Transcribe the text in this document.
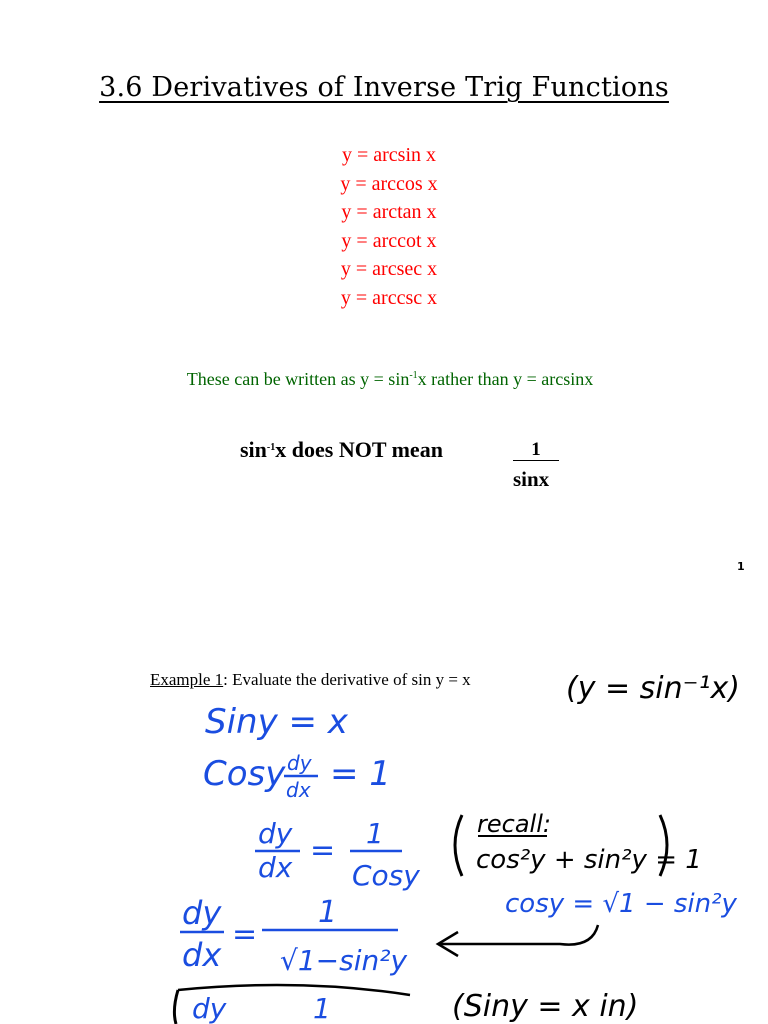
3.6 Derivatives of Inverse Trig Functions
y = arcsin x
y = arccos x
y = arctan x
y = arccot x
y = arcsec x
y = arccsc x
These can be written as $y = \sin^{-1}x$ rather than y = arcsinx
$\sin^{-1}x$ does NOT mean	1
sinx
1
Example 1: Evaluate the derivative of sin y = x	(y = sin⁻¹x)
Siny = x
Cosy dy
dx = 1
dy
dx = 1
Cosy
recall:
cos²y + sin²y = 1
cosy = √1 − sin²y
dy
dx
=
1
√1−sin²y
dy	1	(Siny = x in)
